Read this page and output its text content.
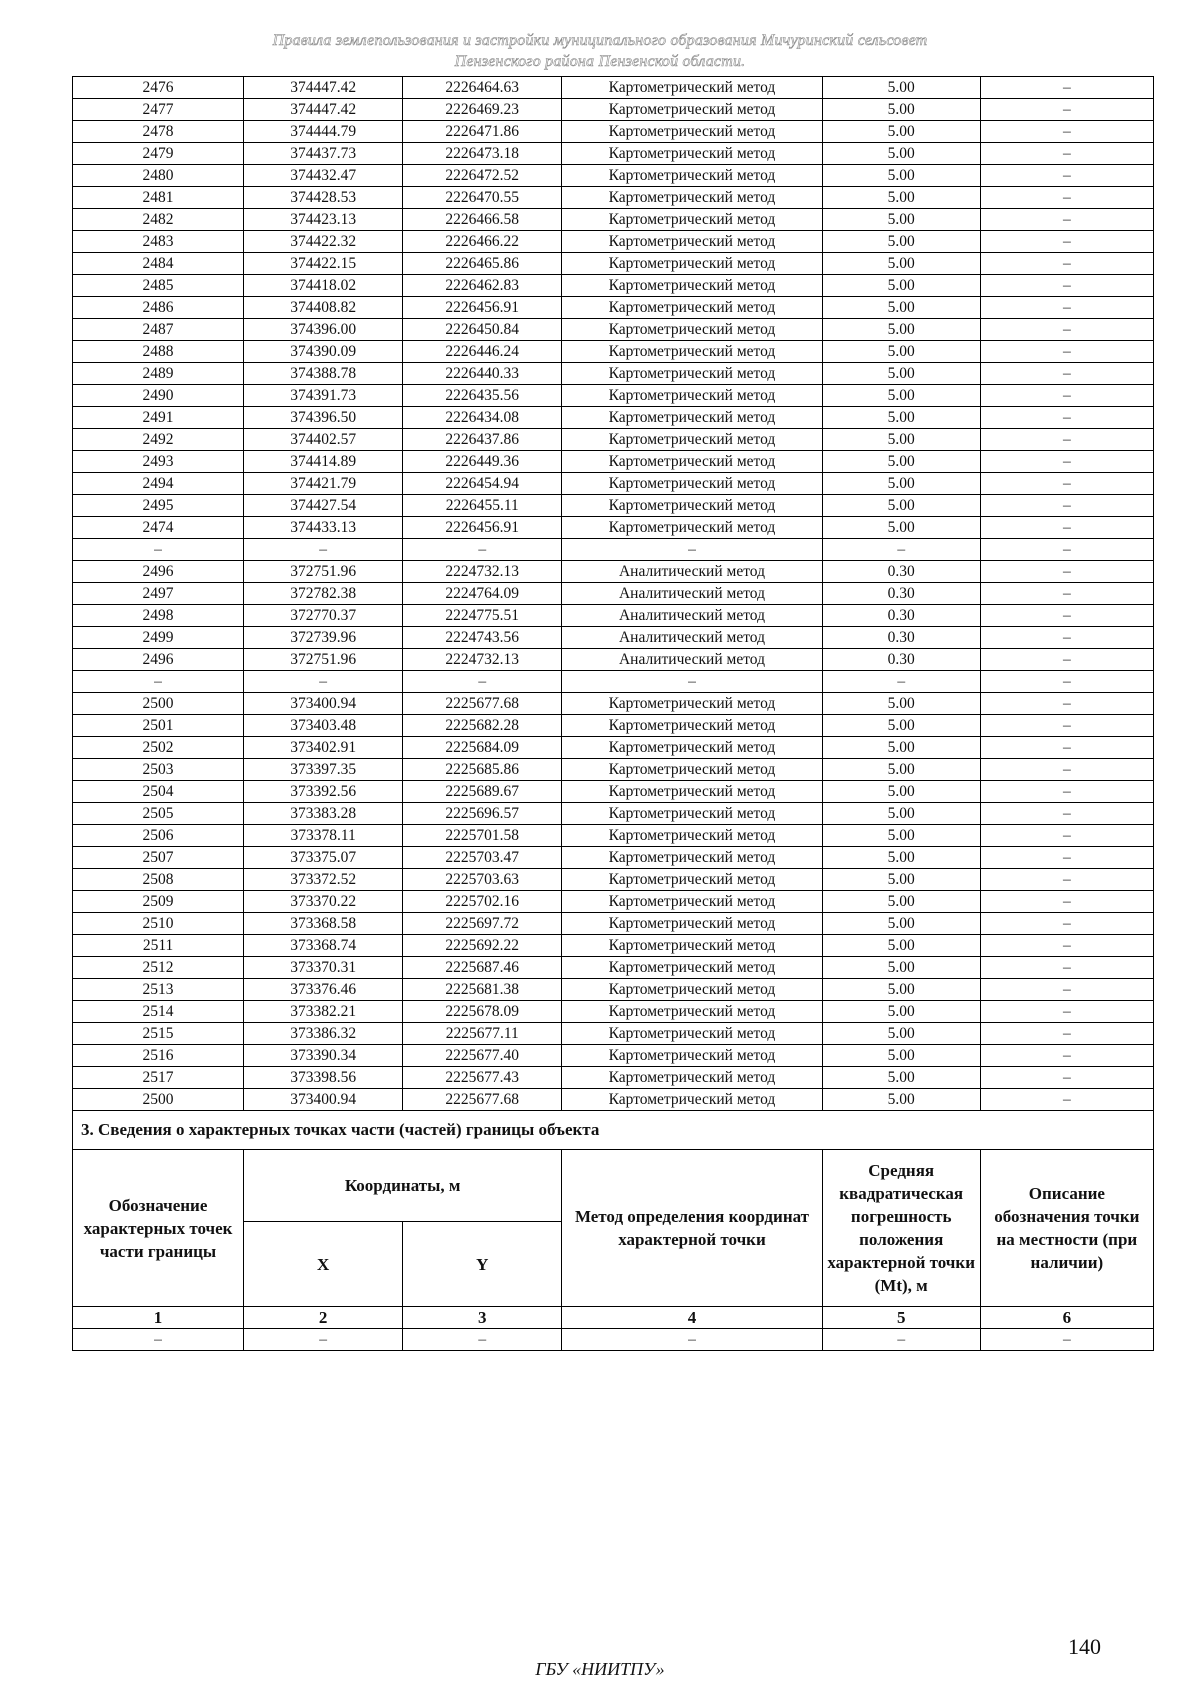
Правила землепользования и застройки муниципального образования Мичуринский сельсовет
Пензенского района Пензенской области.
2476	374447.42	2226464.63	Картометрический метод	5.00	–
2477	374447.42	2226469.23	Картометрический метод	5.00	–
2478	374444.79	2226471.86	Картометрический метод	5.00	–
2479	374437.73	2226473.18	Картометрический метод	5.00	–
2480	374432.47	2226472.52	Картометрический метод	5.00	–
2481	374428.53	2226470.55	Картометрический метод	5.00	–
2482	374423.13	2226466.58	Картометрический метод	5.00	–
2483	374422.32	2226466.22	Картометрический метод	5.00	–
2484	374422.15	2226465.86	Картометрический метод	5.00	–
2485	374418.02	2226462.83	Картометрический метод	5.00	–
2486	374408.82	2226456.91	Картометрический метод	5.00	–
2487	374396.00	2226450.84	Картометрический метод	5.00	–
2488	374390.09	2226446.24	Картометрический метод	5.00	–
2489	374388.78	2226440.33	Картометрический метод	5.00	–
2490	374391.73	2226435.56	Картометрический метод	5.00	–
2491	374396.50	2226434.08	Картометрический метод	5.00	–
2492	374402.57	2226437.86	Картометрический метод	5.00	–
2493	374414.89	2226449.36	Картометрический метод	5.00	–
2494	374421.79	2226454.94	Картометрический метод	5.00	–
2495	374427.54	2226455.11	Картометрический метод	5.00	–
2474	374433.13	2226456.91	Картометрический метод	5.00	–
–	–	–	–	–	–
2496	372751.96	2224732.13	Аналитический метод	0.30	–
2497	372782.38	2224764.09	Аналитический метод	0.30	–
2498	372770.37	2224775.51	Аналитический метод	0.30	–
2499	372739.96	2224743.56	Аналитический метод	0.30	–
2496	372751.96	2224732.13	Аналитический метод	0.30	–
–	–	–	–	–	–
2500	373400.94	2225677.68	Картометрический метод	5.00	–
2501	373403.48	2225682.28	Картометрический метод	5.00	–
2502	373402.91	2225684.09	Картометрический метод	5.00	–
2503	373397.35	2225685.86	Картометрический метод	5.00	–
2504	373392.56	2225689.67	Картометрический метод	5.00	–
2505	373383.28	2225696.57	Картометрический метод	5.00	–
2506	373378.11	2225701.58	Картометрический метод	5.00	–
2507	373375.07	2225703.47	Картометрический метод	5.00	–
2508	373372.52	2225703.63	Картометрический метод	5.00	–
2509	373370.22	2225702.16	Картометрический метод	5.00	–
2510	373368.58	2225697.72	Картометрический метод	5.00	–
2511	373368.74	2225692.22	Картометрический метод	5.00	–
2512	373370.31	2225687.46	Картометрический метод	5.00	–
2513	373376.46	2225681.38	Картометрический метод	5.00	–
2514	373382.21	2225678.09	Картометрический метод	5.00	–
2515	373386.32	2225677.11	Картометрический метод	5.00	–
2516	373390.34	2225677.40	Картометрический метод	5.00	–
2517	373398.56	2225677.43	Картометрический метод	5.00	–
2500	373400.94	2225677.68	Картометрический метод	5.00	–
3. Сведения о характерных точках части (частей) границы объекта					
Обозначение характерных точек части границы	Координаты, м		Метод определения координат характерной точки	Средняя квадратическая погрешность положения характерной точки (Mt), м	Описание обозначения точки на местности (при наличии)
	X	Y			
1	2	3	4	5	6
–	–	–	–	–	–
140
ГБУ «НИИТПУ»
